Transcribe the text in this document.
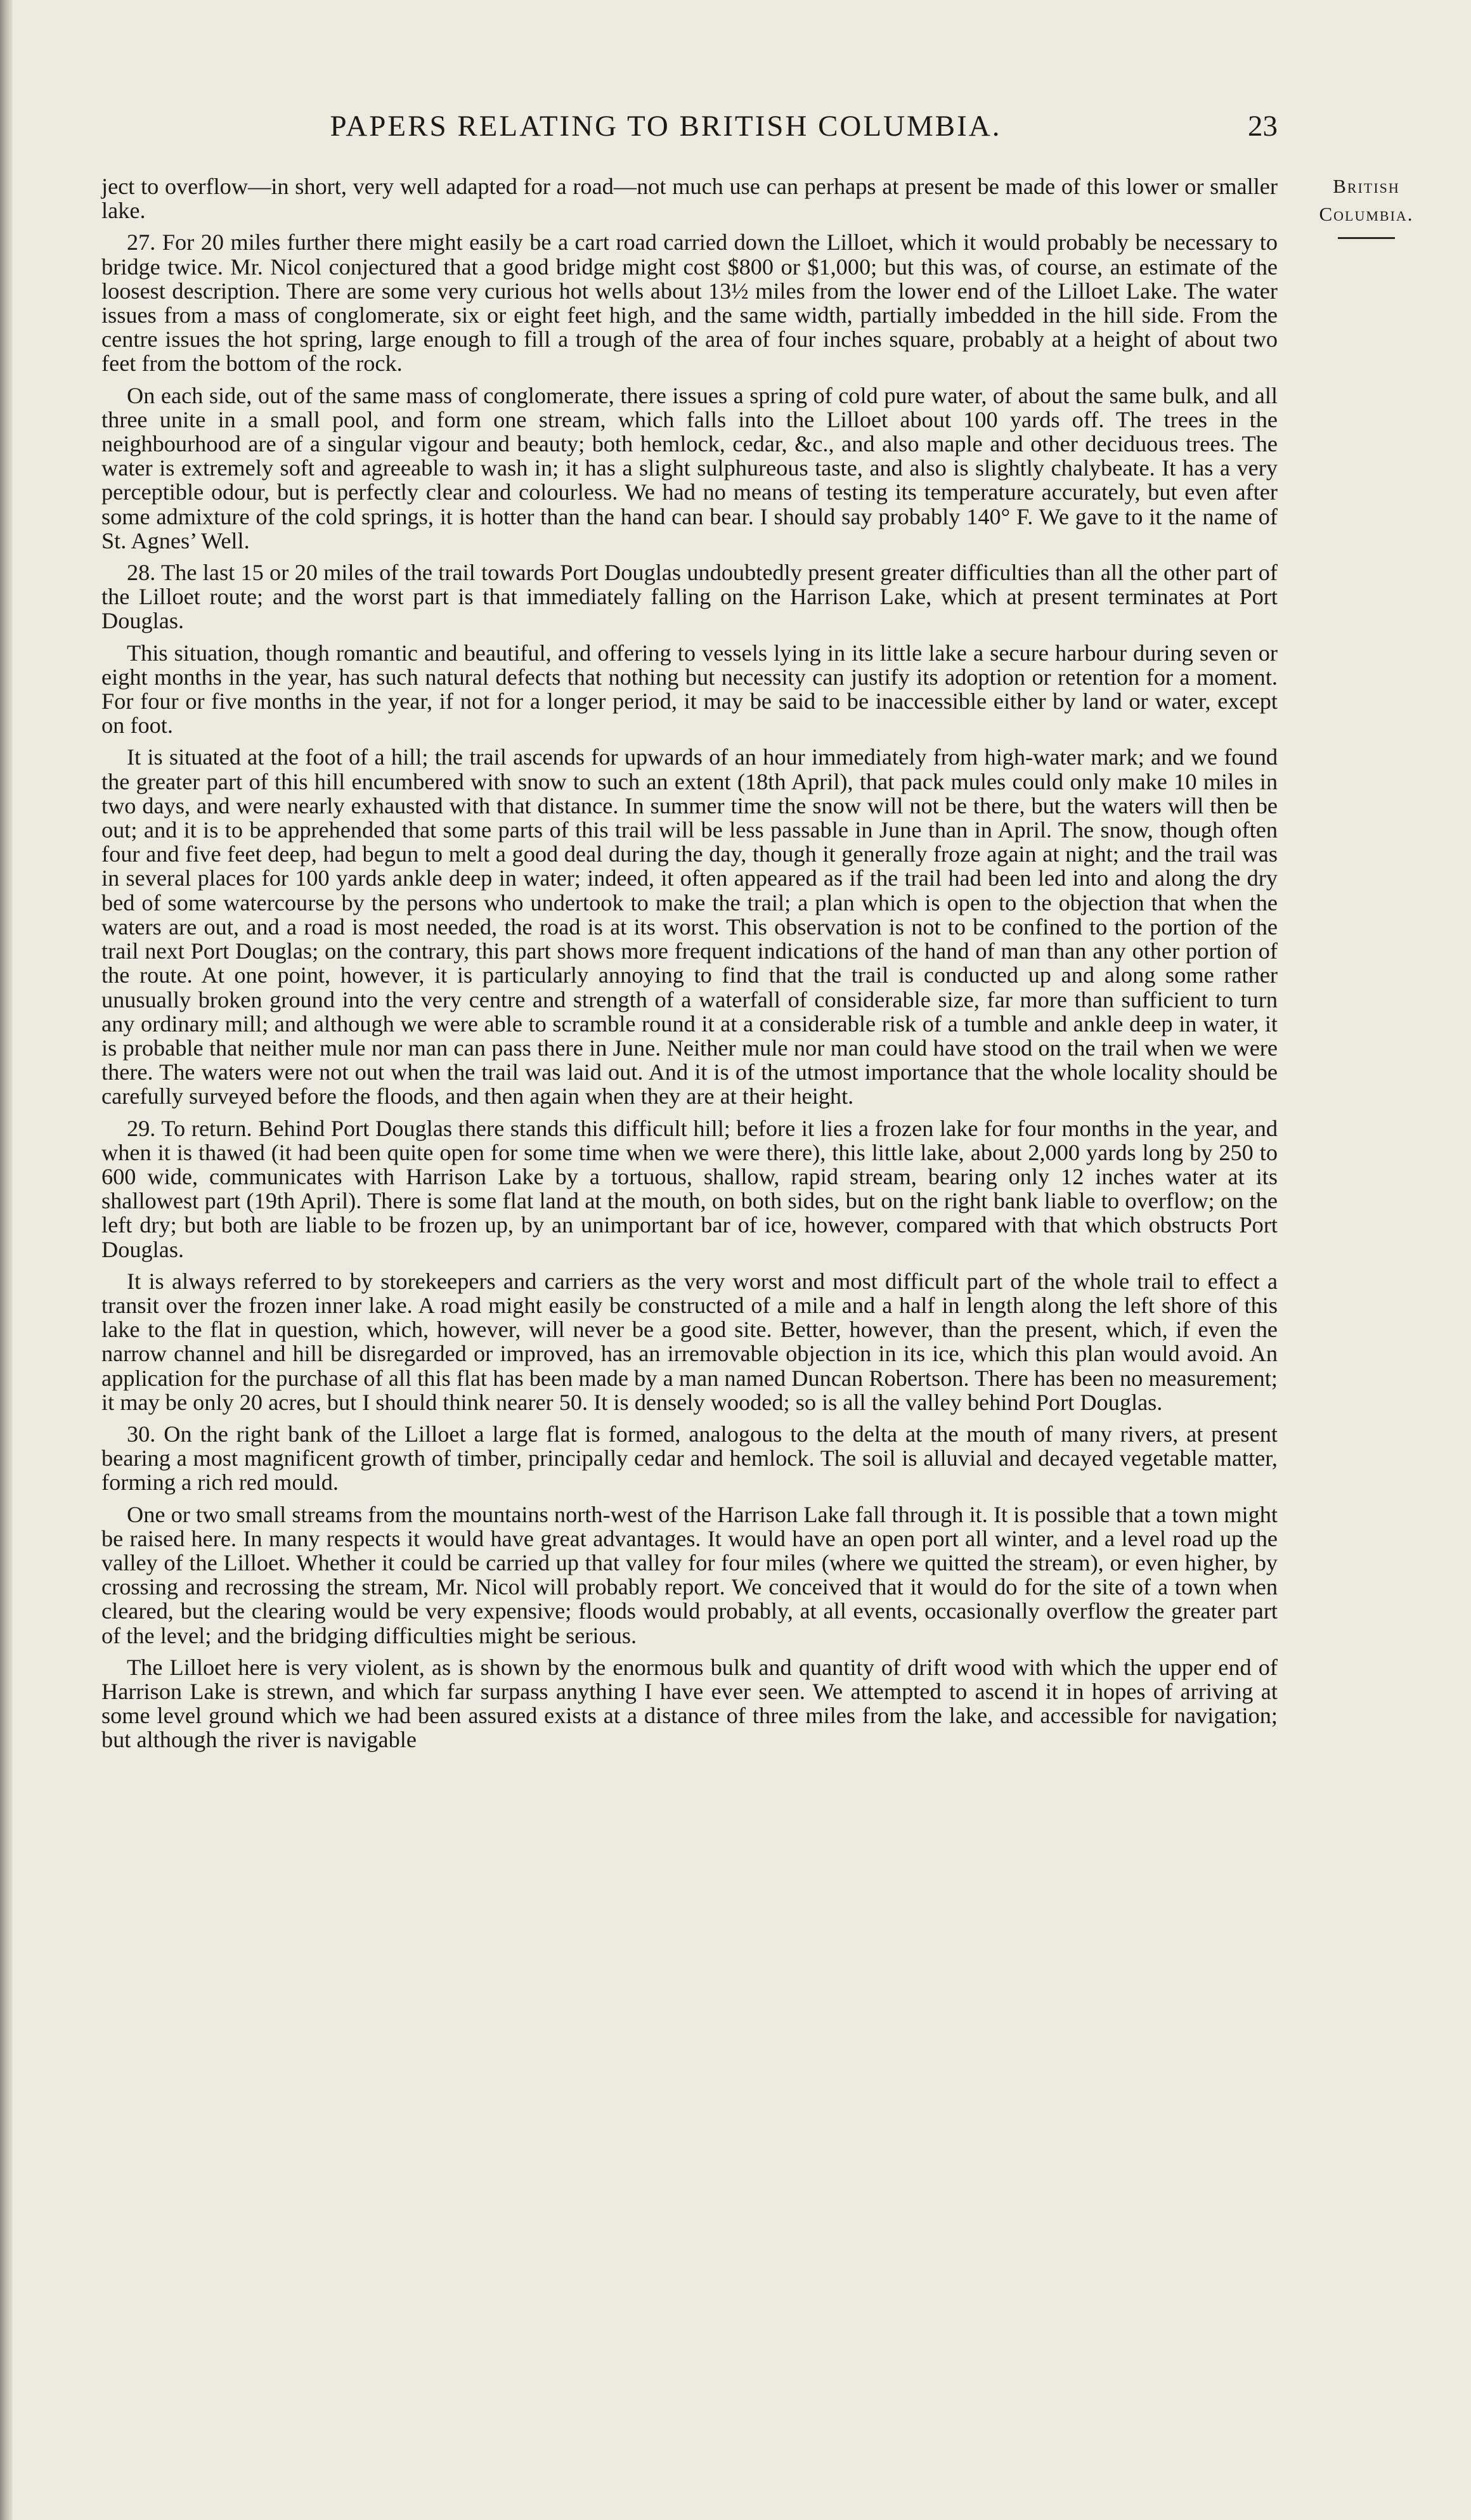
PAPERS RELATING TO BRITISH COLUMBIA.	23
British
Columbia.

ject to overflow—in short, very well adapted for a road—not much use can perhaps at present be made of this lower or smaller lake.

27. For 20 miles further there might easily be a cart road carried down the Lilloet, which it would probably be necessary to bridge twice. Mr. Nicol conjectured that a good bridge might cost $800 or $1,000; but this was, of course, an estimate of the loosest description. There are some very curious hot wells about 13½ miles from the lower end of the Lilloet Lake. The water issues from a mass of conglomerate, six or eight feet high, and the same width, partially imbedded in the hill side. From the centre issues the hot spring, large enough to fill a trough of the area of four inches square, probably at a height of about two feet from the bottom of the rock.

On each side, out of the same mass of conglomerate, there issues a spring of cold pure water, of about the same bulk, and all three unite in a small pool, and form one stream, which falls into the Lilloet about 100 yards off. The trees in the neighbourhood are of a singular vigour and beauty; both hemlock, cedar, &c., and also maple and other deciduous trees. The water is extremely soft and agreeable to wash in; it has a slight sulphureous taste, and also is slightly chalybeate. It has a very perceptible odour, but is perfectly clear and colourless. We had no means of testing its temperature accurately, but even after some admixture of the cold springs, it is hotter than the hand can bear. I should say probably 140° F. We gave to it the name of St. Agnes’ Well.

28. The last 15 or 20 miles of the trail towards Port Douglas undoubtedly present greater difficulties than all the other part of the Lilloet route; and the worst part is that immediately falling on the Harrison Lake, which at present terminates at Port Douglas.

This situation, though romantic and beautiful, and offering to vessels lying in its little lake a secure harbour during seven or eight months in the year, has such natural defects that nothing but necessity can justify its adoption or retention for a moment. For four or five months in the year, if not for a longer period, it may be said to be inaccessible either by land or water, except on foot.

It is situated at the foot of a hill; the trail ascends for upwards of an hour immediately from high-water mark; and we found the greater part of this hill encumbered with snow to such an extent (18th April), that pack mules could only make 10 miles in two days, and were nearly exhausted with that distance. In summer time the snow will not be there, but the waters will then be out; and it is to be apprehended that some parts of this trail will be less passable in June than in April. The snow, though often four and five feet deep, had begun to melt a good deal during the day, though it generally froze again at night; and the trail was in several places for 100 yards ankle deep in water; indeed, it often appeared as if the trail had been led into and along the dry bed of some watercourse by the persons who undertook to make the trail; a plan which is open to the objection that when the waters are out, and a road is most needed, the road is at its worst. This observation is not to be confined to the portion of the trail next Port Douglas; on the contrary, this part shows more frequent indications of the hand of man than any other portion of the route. At one point, however, it is particularly annoying to find that the trail is conducted up and along some rather unusually broken ground into the very centre and strength of a waterfall of considerable size, far more than sufficient to turn any ordinary mill; and although we were able to scramble round it at a considerable risk of a tumble and ankle deep in water, it is probable that neither mule nor man can pass there in June. Neither mule nor man could have stood on the trail when we were there. The waters were not out when the trail was laid out. And it is of the utmost importance that the whole locality should be carefully surveyed before the floods, and then again when they are at their height.

29. To return. Behind Port Douglas there stands this difficult hill; before it lies a frozen lake for four months in the year, and when it is thawed (it had been quite open for some time when we were there), this little lake, about 2,000 yards long by 250 to 600 wide, communicates with Harrison Lake by a tortuous, shallow, rapid stream, bearing only 12 inches water at its shallowest part (19th April). There is some flat land at the mouth, on both sides, but on the right bank liable to overflow; on the left dry; but both are liable to be frozen up, by an unimportant bar of ice, however, compared with that which obstructs Port Douglas.

It is always referred to by storekeepers and carriers as the very worst and most difficult part of the whole trail to effect a transit over the frozen inner lake. A road might easily be constructed of a mile and a half in length along the left shore of this lake to the flat in question, which, however, will never be a good site. Better, however, than the present, which, if even the narrow channel and hill be disregarded or improved, has an irremovable objection in its ice, which this plan would avoid. An application for the purchase of all this flat has been made by a man named Duncan Robertson. There has been no measurement; it may be only 20 acres, but I should think nearer 50. It is densely wooded; so is all the valley behind Port Douglas.

30. On the right bank of the Lilloet a large flat is formed, analogous to the delta at the mouth of many rivers, at present bearing a most magnificent growth of timber, principally cedar and hemlock. The soil is alluvial and decayed vegetable matter, forming a rich red mould.

One or two small streams from the mountains north-west of the Harrison Lake fall through it. It is possible that a town might be raised here. In many respects it would have great advantages. It would have an open port all winter, and a level road up the valley of the Lilloet. Whether it could be carried up that valley for four miles (where we quitted the stream), or even higher, by crossing and recrossing the stream, Mr. Nicol will probably report. We conceived that it would do for the site of a town when cleared, but the clearing would be very expensive; floods would probably, at all events, occasionally overflow the greater part of the level; and the bridging difficulties might be serious.

The Lilloet here is very violent, as is shown by the enormous bulk and quantity of drift wood with which the upper end of Harrison Lake is strewn, and which far surpass anything I have ever seen. We attempted to ascend it in hopes of arriving at some level ground which we had been assured exists at a distance of three miles from the lake, and accessible for navigation; but although the river is navigable
